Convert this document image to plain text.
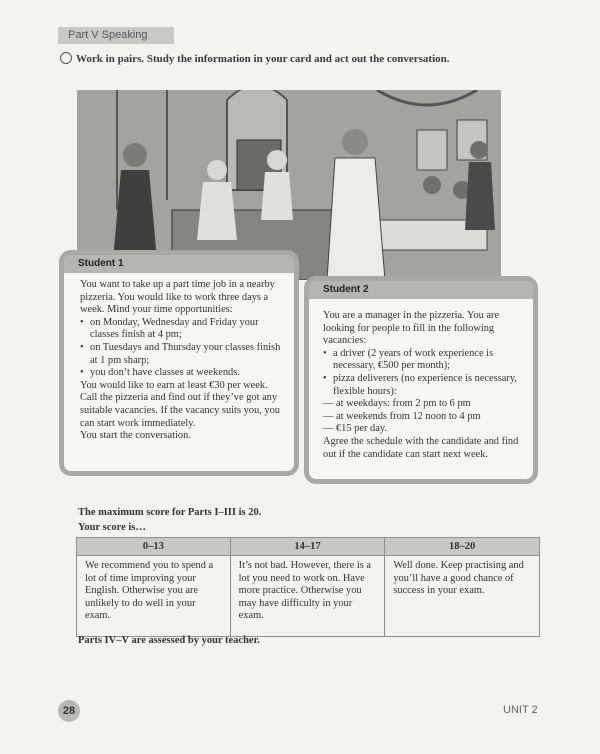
Part V Speaking
Work in pairs. Study the information in your card and act out the conversation.
Student 1

You want to take up a part time job in a nearby pizzeria. You would like to work three days a week. Mind your time opportunities:

• on Monday, Wednesday and Friday your classes finish at 4 pm;
• on Tuesdays and Thursday your classes finish at 1 pm sharp;
• you don’t have classes at weekends.

You would like to earn at least €30 per week. Call the pizzeria and find out if they’ve got any suitable vacancies. If the vacancy suits you, you can start work immediately.

You start the conversation.

Student 2

You are a manager in the pizzeria. You are looking for people to fill in the following vacancies:

• a driver (2 years of work experience is necessary, €500 per month);
• pizza deliverers (no experience is necessary, flexible hours):
— at weekdays: from 2 pm to 6 pm
— at weekends from 12 noon to 4 pm
— €15 per day.

Agree the schedule with the candidate and find out if the candidate can start next week.

The maximum score for Parts I–III is 20.
Your score is…
0–13	14–17	18–20
We recommend you to spend a lot of time improving your English. Otherwise you are unlikely to do well in your exam.	It’s not bad. However, there is a lot you need to work on. Have more practice. Otherwise you may have difficulty in your exam.	Well done. Keep practising and you’ll have a good chance of success in your exam.
Parts IV–V are assessed by your teacher.
28	UNIT 2
